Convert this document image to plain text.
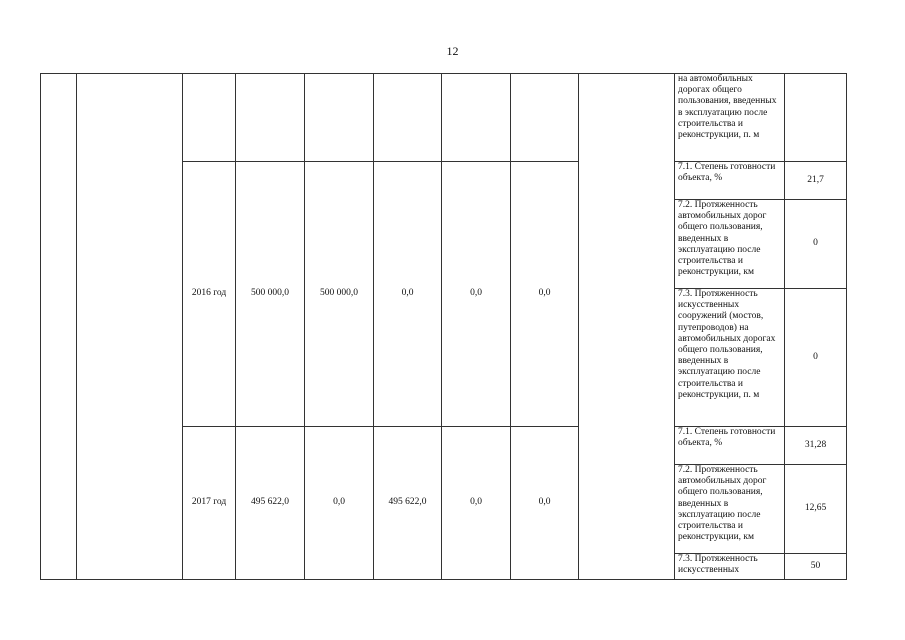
12
									на автомобильных дорогах общего пользования, введенных в эксплуатацию после строительства и реконструкции, п. м	
		2016 год	500 000,0	500 000,0	0,0	0,0	0,0		7.1. Степень готовности объекта, %	21,7
									7.2. Протяженность автомобильных дорог общего пользования, введенных в эксплуатацию после строительства и реконструкции, км	0
									7.3. Протяженность искусственных сооружений (мостов, путепроводов) на автомобильных дорогах общего пользования, введенных в эксплуатацию после строительства и реконструкции, п. м	0
		2017 год	495 622,0	0,0	495 622,0	0,0	0,0		7.1. Степень готовности объекта, %	31,28
									7.2. Протяженность автомобильных дорог общего пользования, введенных в эксплуатацию после строительства и реконструкции, км	12,65
									7.3. Протяженность искусственных	50
